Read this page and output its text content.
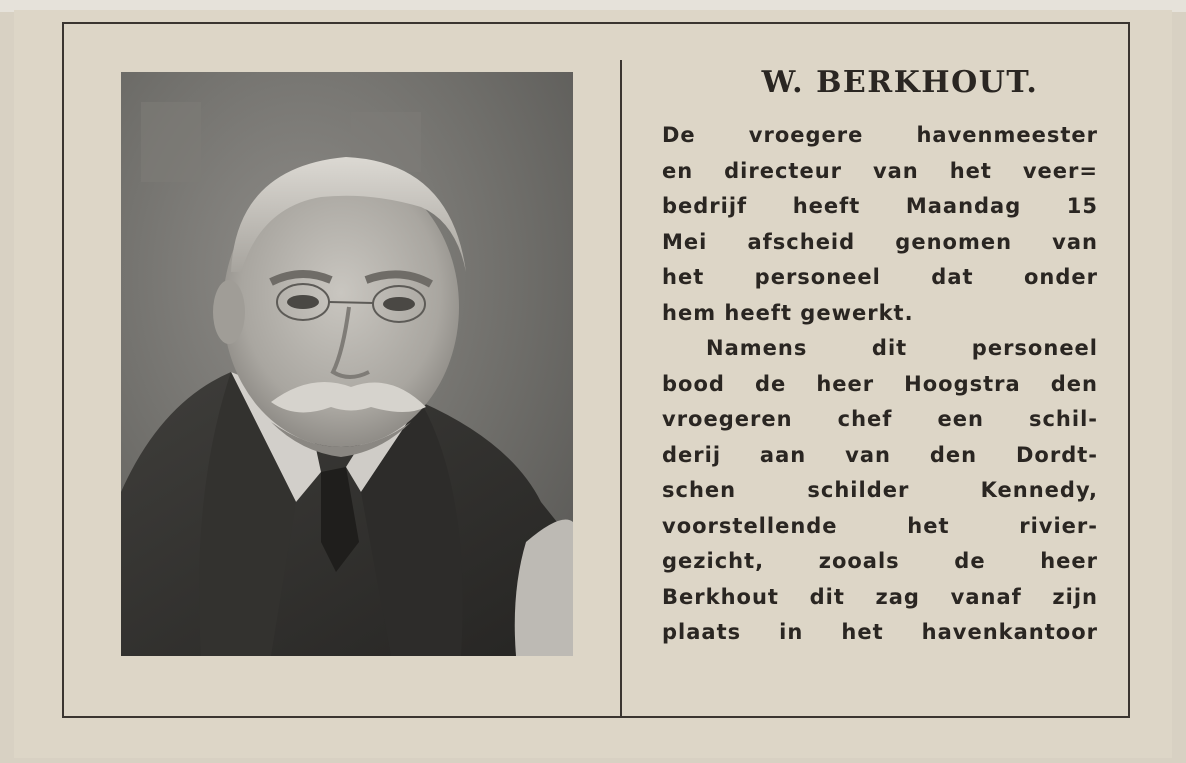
W. BERKHOUT.
De vroegere havenmeester
en directeur van het veer=
bedrijf heeft Maandag 15
Mei afscheid genomen van
het personeel dat onder
hem heeft gewerkt.
Namens dit personeel
bood de heer Hoogstra den
vroegeren chef een schil-
derij aan van den Dordt-
schen schilder Kennedy,
voorstellende het rivier-
gezicht, zooals de heer
Berkhout dit zag vanaf zijn
plaats in het havenkantoor
